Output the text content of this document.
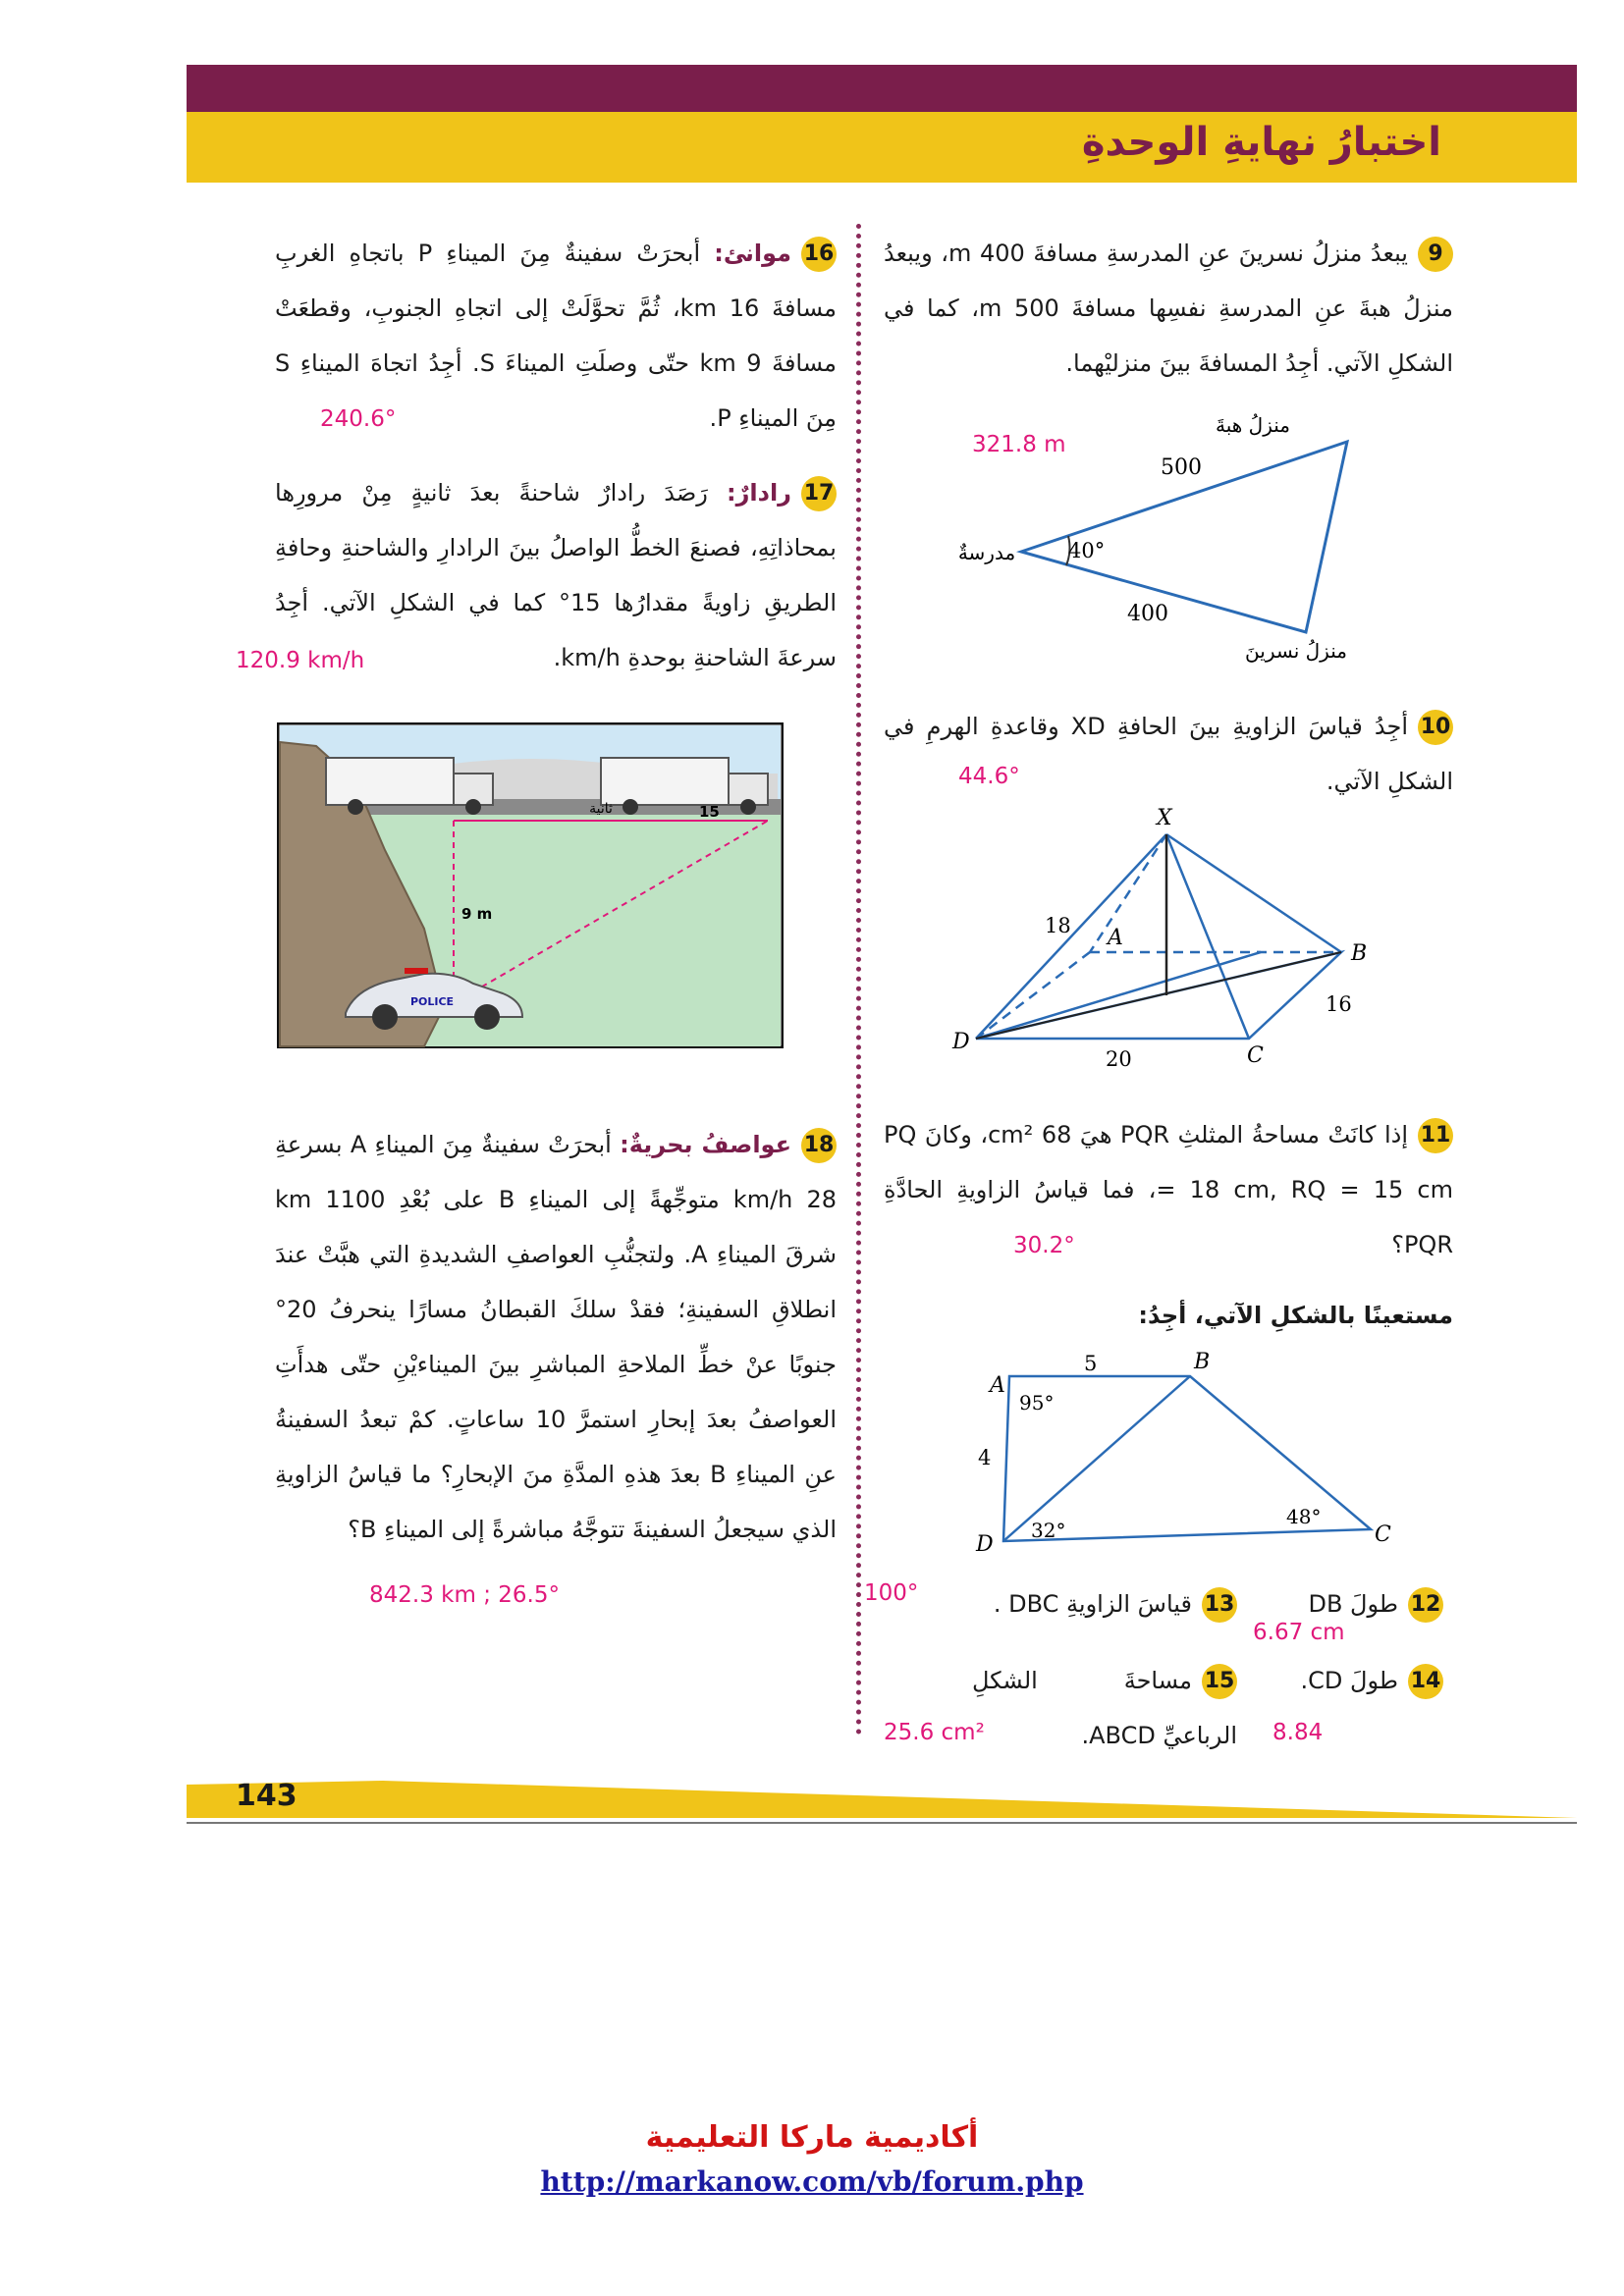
اختبارُ نهايةِ الوحدةِ
9يبعدُ منزلُ نسرينَ عنِ المدرسةِ مسافةَ 400 m، ويبعدُ منزلُ هبةَ عنِ المدرسةِ نفسِها مسافةَ 500 m، كما في الشكلِ الآتي. أجِدُ المسافةَ بينَ منزليْهما.
321.8 m
منزلُ هبةَ
مدرسةٌ
منزلُ نسرينَ
500
400
40°
10أجِدُ قياسَ الزاويةِ بينَ الحافةِ XD وقاعدةِ الهرمِ في الشكلِ الآتي.
44.6°
X
A
B
C
D
18
16
20
11إذا كانَتْ مساحةُ المثلثِ PQR هيَ 68 cm²، وكانَ PQ = 18 cm, RQ = 15 cm، فما قياسُ الزاويةِ الحادَّةِ PQR؟
30.2°
مستعينًا بالشكلِ الآتي، أجِدُ:
A
B
C
D
5
4
95°
32°
48°
12طولَ DB
6.67 cm
13قياسَ الزاويةِ DBC .
100°
14طولَ CD.
8.84
15مساحةَ الشكلِ الرباعيِّ ABCD.
25.6 cm²
16موانئ: أبحرَتْ سفينةٌ مِنَ الميناءِ P باتجاهِ الغربِ مسافةَ 16 km، ثُمَّ تحوَّلَتْ إلى اتجاهِ الجنوبِ، وقطعَتْ مسافةَ 9 km حتّى وصلَتِ الميناءَ S. أجِدُ اتجاهَ الميناءِ S مِنَ الميناءِ P.
240.6°
17رادارٌ: رَصَدَ رادارٌ شاحنةً بعدَ ثانيةٍ مِنْ مرورِها بمحاذاتِهِ، فصنعَ الخطُّ الواصلُ بينَ الرادارِ والشاحنةِ وحافةِ الطريقِ زاويةً مقدارُها 15° كما في الشكلِ الآتي. أجِدُ سرعةَ الشاحنةِ بوحدةِ km/h.
120.9 km/h
ثانية	15
9 m
POLICE
18عواصفُ بحريةٌ: أبحرَتْ سفينةٌ مِنَ الميناءِ A بسرعةِ 28 km/h متوجِّهةً إلى الميناءِ B على بُعْدِ 1100 km شرقَ الميناءِ A. ولتجنُّبِ العواصفِ الشديدةِ التي هبَّتْ عندَ انطلاقِ السفينةِ؛ فقدْ سلكَ القبطانُ مسارًا ينحرفُ 20° جنوبًا عنْ خطِّ الملاحةِ المباشرِ بينَ الميناءيْنِ حتّى هدأَتِ العواصفُ بعدَ إبحارِ استمرَّ 10 ساعاتٍ. كمْ تبعدُ السفينةُ عنِ الميناءِ B بعدَ هذهِ المدَّةِ منَ الإبحارِ؟ ما قياسُ الزاويةِ الذي سيجعلُ السفينةَ تتوجَّهُ مباشرةً إلى الميناءِ B؟
842.3 km ; 26.5°
143
أكاديمية ماركا التعليمية
http://markanow.com/vb/forum.php
